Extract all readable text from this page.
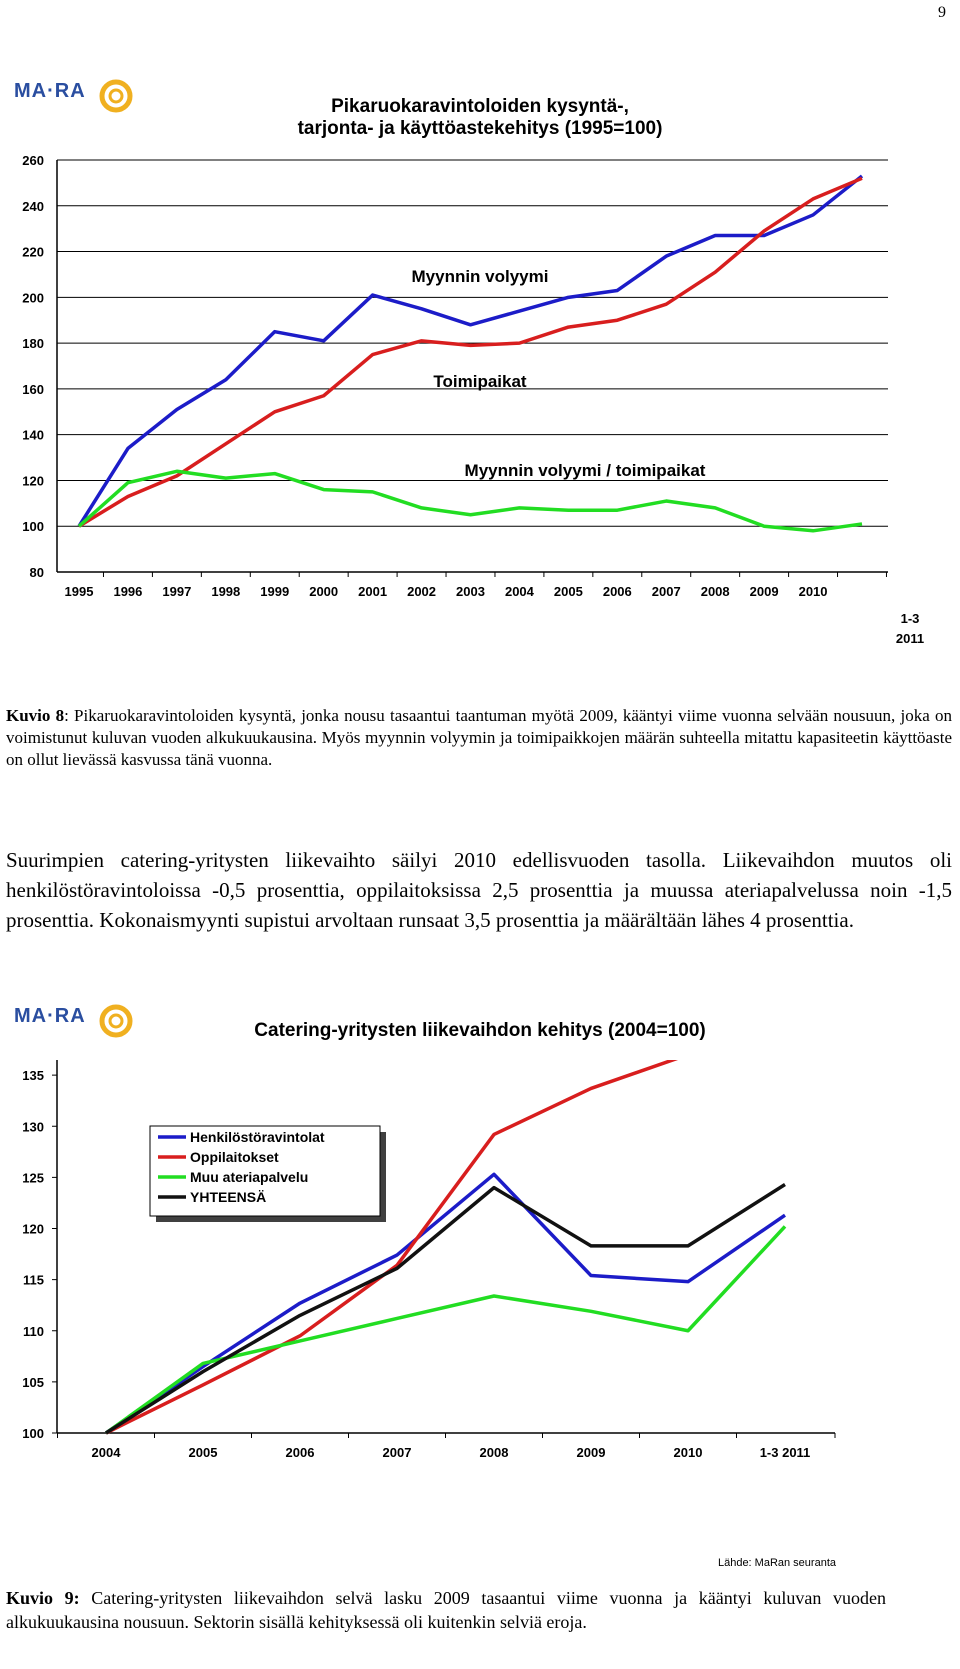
9
MA·RA
Pikaruokaravintoloiden kysyntä-,
tarjonta- ja käyttöastekehitys (1995=100)
80
100
120
140
160
180
200
220
240
260
1995 1996 1997 1998 1999 2000 2001 2002 2003 2004 2005 2006 2007 2008 2009 2010
Myynnin volyymi
Toimipaikat
Myynnin volyymi / toimipaikat
1-3
2011
Kuvio 8: Pikaruokaravintoloiden kysyntä, jonka nousu tasaantui taantuman myötä 2009, kääntyi viime vuonna selvään nousuun, joka on voimistunut kuluvan vuoden alkukuukausina. Myös myynnin volyymin ja toimipaikkojen määrän suhteella mitattu kapasiteetin käyttöaste on ollut lievässä kasvussa tänä vuonna.
Suurimpien catering-yritysten liikevaihto säilyi 2010 edellisvuoden tasolla. Liikevaihdon muutos oli henkilöstöravintoloissa -0,5 prosenttia, oppilaitoksissa 2,5 prosenttia ja muussa ateriapalvelussa noin -1,5 prosenttia. Kokonaismyynti supistui arvoltaan runsaat 3,5 prosenttia ja määrältään lähes 4 prosenttia.
MA·RA
Catering-yritysten liikevaihdon kehitys (2004=100)
100
105
110
115
120
125
130
135
2004	2005	2006	2007	2008	2009	2010	1-3 2011
Henkilöstöravintolat
Oppilaitokset
Muu ateriapalvelu
YHTEENSÄ
Lähde: MaRan seuranta
Kuvio 9: Catering-yritysten liikevaihdon selvä lasku 2009 tasaantui viime vuonna ja kääntyi kuluvan vuoden alkukuukausina nousuun. Sektorin sisällä kehityksessä oli kuitenkin selviä eroja.
